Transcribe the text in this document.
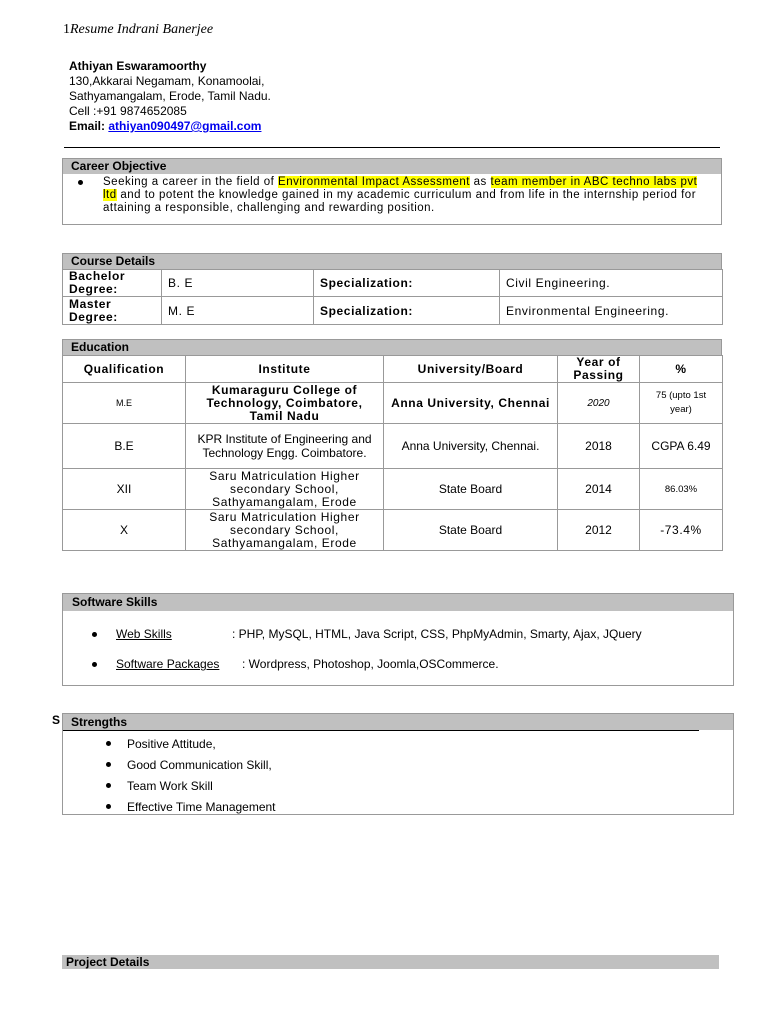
1Resume Indrani Banerjee
Athiyan Eswaramoorthy
130,Akkarai Negamam, Konamoolai,
Sathyamangalam, Erode, Tamil Nadu.
Cell :+91 9874652085
Email: athiyan090497@gmail.com
Career Objective
Seeking a career in the field of Environmental Impact Assessment as team member in ABC techno labs pvt ltd and to potent the knowledge gained in my academic curriculum and from life in the internship period for attaining a responsible, challenging and rewarding position.
Course Details
Bachelor Degree:	B. E	Specialization:	Civil Engineering.
Master Degree:	M. E	Specialization:	Environmental Engineering.
Education
Qualification	Institute	University/Board	Year of Passing	%
M.E	Kumaraguru College of Technology, Coimbatore, Tamil Nadu	Anna University, Chennai	2020	75 (upto 1st year)
B.E	KPR Institute of Engineering and Technology Engg. Coimbatore.	Anna University, Chennai.	2018	CGPA 6.49
XII	Saru Matriculation Higher secondary School, Sathyamangalam, Erode	State Board	2014	86.03%
X	Saru Matriculation Higher secondary School, Sathyamangalam, Erode	State Board	2012	-73.4%
Software Skills
Web Skills	: PHP, MySQL, HTML, Java Script, CSS, PhpMyAdmin, Smarty, Ajax, JQuery
Software Packages : Wordpress, Photoshop, Joomla,OSCommerce.
S Strengths
Positive Attitude,
Good Communication Skill,
Team Work Skill
Effective Time Management
Project Details
